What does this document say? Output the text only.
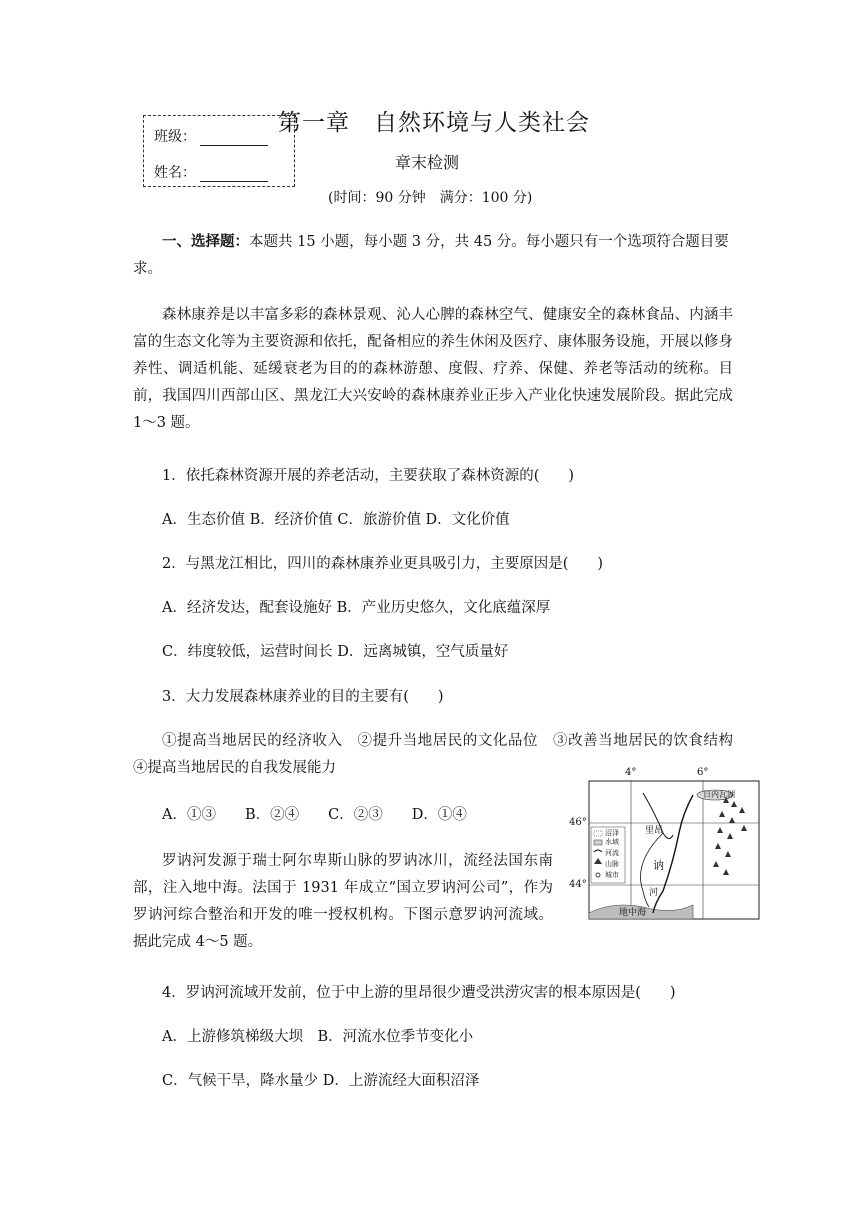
班级：
姓名：
第一章　自然环境与人类社会
章末检测
(时间：90 分钟　满分：100 分)
一、选择题：本题共 15 小题，每小题 3 分，共 45 分。每小题只有一个选项符合题目要求。
森林康养是以丰富多彩的森林景观、沁人心脾的森林空气、健康安全的森林食品、内涵丰富的生态文化等为主要资源和依托，配备相应的养生休闲及医疗、康体服务设施，开展以修身养性、调适机能、延缓衰老为目的的森林游憩、度假、疗养、保健、养老等活动的统称。目前，我国四川西部山区、黑龙江大兴安岭的森林康养业正步入产业化快速发展阶段。据此完成 1～3 题。
1．依托森林资源开展的养老活动，主要获取了森林资源的(　　)
A．生态价值 B．经济价值 C．旅游价值 D．文化价值
2．与黑龙江相比，四川的森林康养业更具吸引力，主要原因是(　　)
A．经济发达，配套设施好 B．产业历史悠久，文化底蕴深厚
C．纬度较低，运营时间长 D．远离城镇，空气质量好
3．大力发展森林康养业的目的主要有(　　)
①提高当地居民的经济收入　②提升当地居民的文化品位　③改善当地居民的饮食结构　④提高当地居民的自我发展能力
A．①③　　B．②④　　C．②③　　D．①④
罗讷河发源于瑞士阿尔卑斯山脉的罗讷冰川，流经法国东南部，注入地中海。法国于 1931 年成立“国立罗讷河公司”，作为罗讷河综合整治和开发的唯一授权机构。下图示意罗讷河流域。据此完成 4～5 题。
4°	6°
46°
44°
日内瓦湖
里昂
讷
河
地中海
沼泽
水域
河流
山脉
城市
4．罗讷河流域开发前，位于中上游的里昂很少遭受洪涝灾害的根本原因是(　　)
A．上游修筑梯级大坝　B．河流水位季节变化小
C．气候干旱，降水量少 D．上游流经大面积沼泽
